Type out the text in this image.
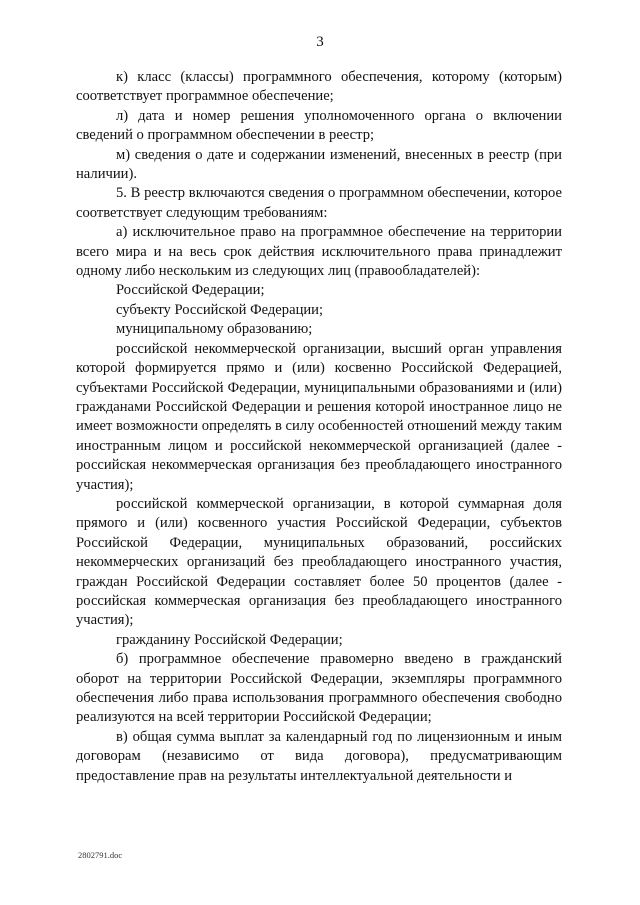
3

к) класс (классы) программного обеспечения, которому (которым) соответствует программное обеспечение;

л) дата и номер решения уполномоченного органа о включении сведений о программном обеспечении в реестр;

м) сведения о дате и содержании изменений, внесенных в реестр (при наличии).

5. В реестр включаются сведения о программном обеспечении, которое соответствует следующим требованиям:

а) исключительное право на программное обеспечение на территории всего мира и на весь срок действия исключительного права принадлежит одному либо нескольким из следующих лиц (правообладателей):

Российской Федерации;

субъекту Российской Федерации;

муниципальному образованию;

российской некоммерческой организации, высший орган управления которой формируется прямо и (или) косвенно Российской Федерацией, субъектами Российской Федерации, муниципальными образованиями и (или) гражданами Российской Федерации и решения которой иностранное лицо не имеет возможности определять в силу особенностей отношений между таким иностранным лицом и российской некоммерческой организацией (далее - российская некоммерческая организация без преобладающего иностранного участия);

российской коммерческой организации, в которой суммарная доля прямого и (или) косвенного участия Российской Федерации, субъектов Российской Федерации, муниципальных образований, российских некоммерческих организаций без преобладающего иностранного участия, граждан Российской Федерации составляет более 50 процентов (далее - российская коммерческая организация без преобладающего иностранного участия);

гражданину Российской Федерации;

б) программное обеспечение правомерно введено в гражданский оборот на территории Российской Федерации, экземпляры программного обеспечения либо права использования программного обеспечения свободно реализуются на всей территории Российской Федерации;

в) общая сумма выплат за календарный год по лицензионным и иным договорам (независимо от вида договора), предусматривающим предоставление прав на результаты интеллектуальной деятельности и

2802791.doc
